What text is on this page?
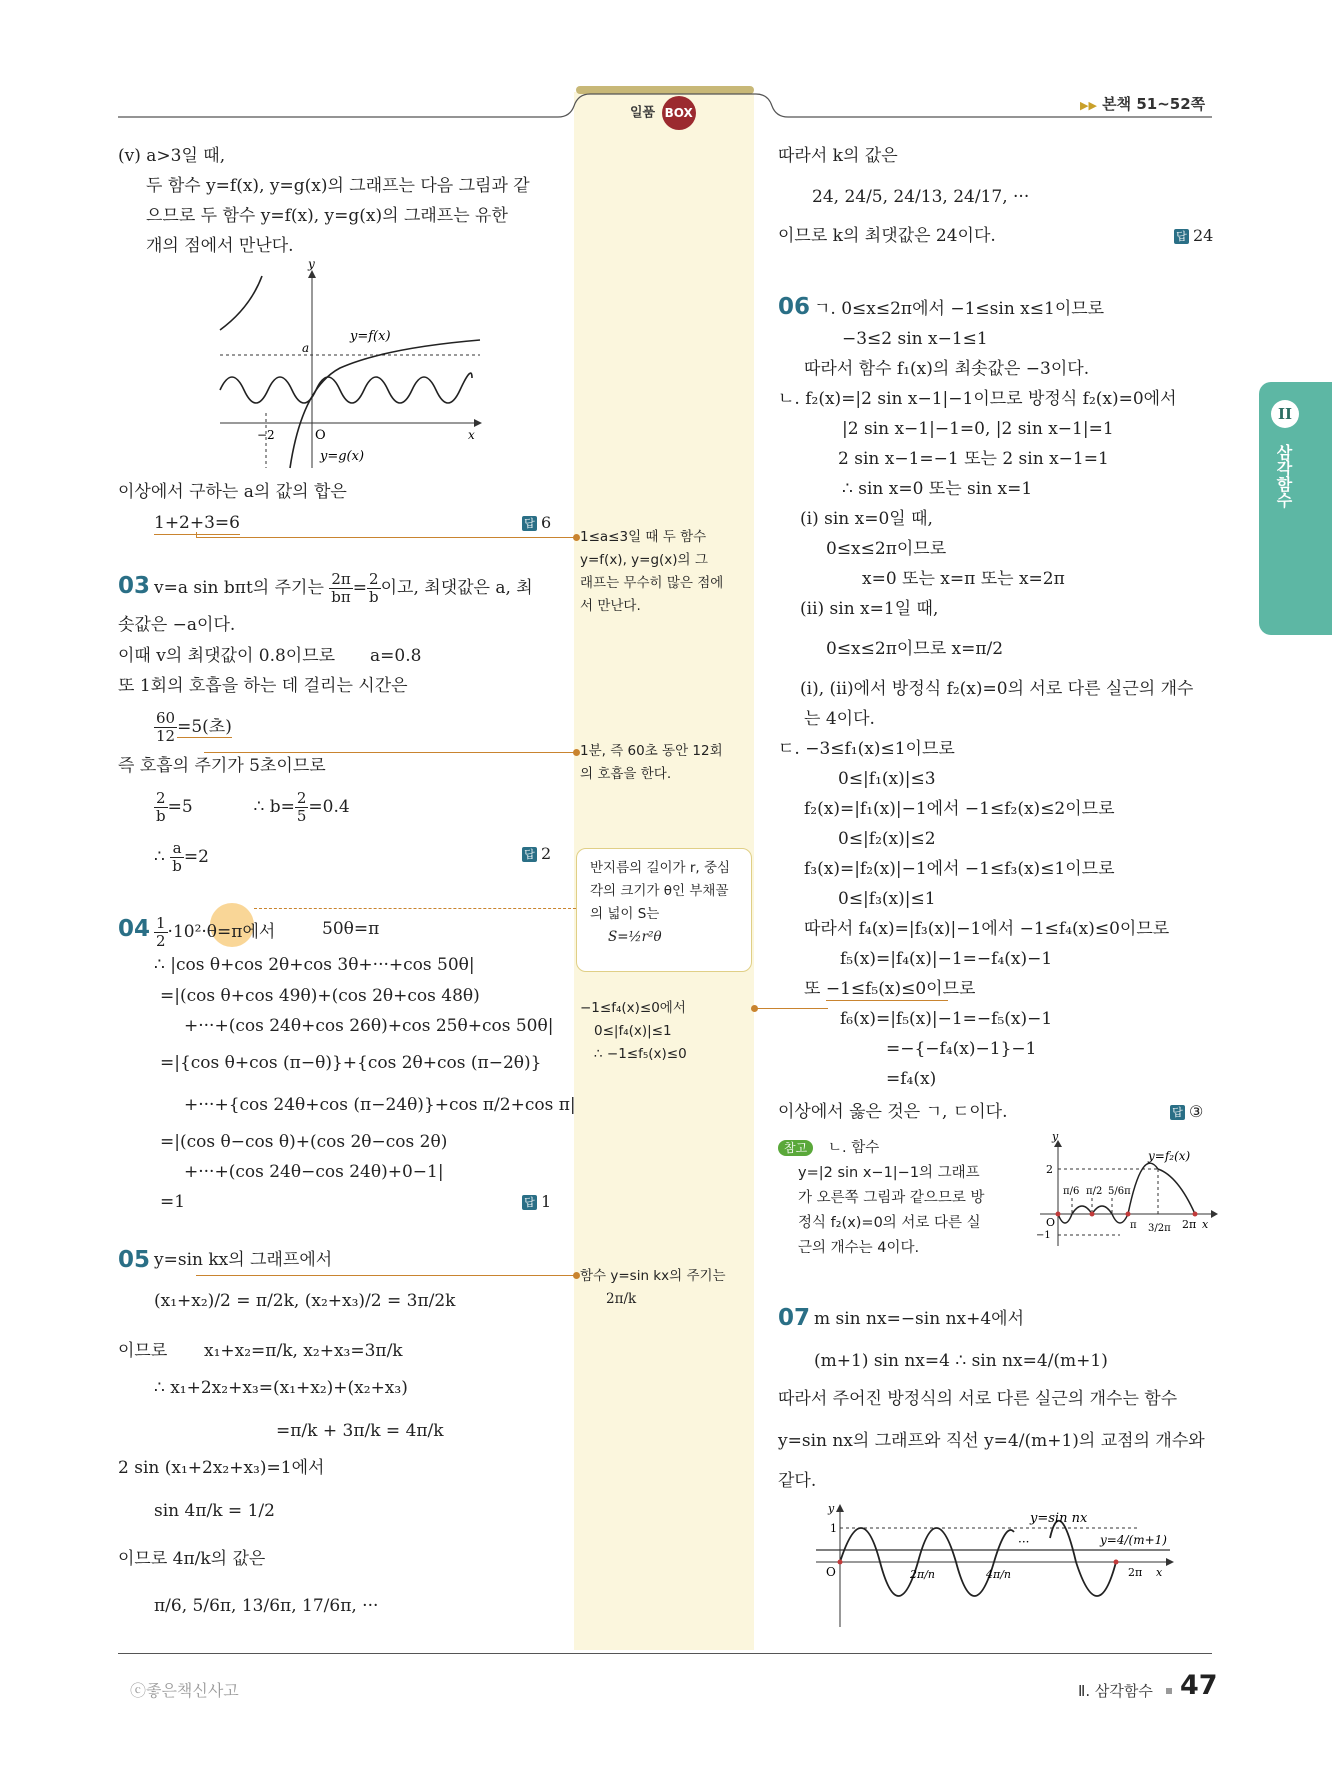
일품 BOX
▶▶ 본책 51~52쪽
II
삼각함수
(v) a>3일 때,
두 함수 y=f(x), y=g(x)의 그래프는 다음 그림과 같
으므로 두 함수 y=f(x), y=g(x)의 그래프는 유한
개의 점에서 만난다.
y
a
O
−2	x
y=f(x)
y=g(x)
이상에서 구하는 a의 값의 합은
1+2+3=6	답 6
03 v=a sin bπt의 주기는 $\frac{2\pi}{b\pi} = \frac{2}{b}$ 이고, 최댓값은 a, 최
솟값은 −a이다.
이때 v의 최댓값이 0.8이므로 a=0.8
또 1회의 호흡을 하는 데 걸리는 시간은
$\frac{60}{12} =5$(초)
즉 호흡의 주기가 5초이므로
$\frac{2}{b} =5$	∴ $b= \frac{2}{5} =0.4$
∴ $\frac{a}{b} =2$	답 2
$04 \frac{1}{2} \cdot 10^2\cdot\theta=\pi$에서	50θ=π
∴ |cos θ+cos 2θ+cos 3θ+···+cos 50θ|
=|(cos θ+cos 49θ)+(cos 2θ+cos 48θ)
+···+(cos 24θ+cos 26θ)+cos 25θ+cos 50θ|
=|{cos θ+cos (π−θ)}+{cos 2θ+cos (π−2θ)}
+···+{cos 24θ+cos (π−24θ)}+cos π/2+cos π|
=|(cos θ−cos θ)+(cos 2θ−cos 2θ)
+···+(cos 24θ−cos 24θ)+0−1|
=1	답 1
05 y=sin kx의 그래프에서
(x₁+x₂)/2 = π/2k, (x₂+x₃)/2 = 3π/2k
이므로 x₁+x₂=π/k, x₂+x₃=3π/k
∴ x₁+2x₂+x₃=(x₁+x₂)+(x₂+x₃)
=π/k + 3π/k = 4π/k
2 sin (x₁+2x₂+x₃)=1에서
sin 4π/k = 1/2
이므로 4π/k의 값은
π/6, 5/6π, 13/6π, 17/6π, ···
1≤a≤3일 때 두 함수
y=f(x), y=g(x)의 그
래프는 무수히 많은 점에
서 만난다.
1분, 즉 60초 동안 12회
의 호흡을 한다.
반지름의 길이가 r, 중심
각의 크기가 θ인 부채꼴
의 넓이 S는
S=½r²θ
−1≤f₄(x)≤0에서
0≤|f₄(x)|≤1
∴ −1≤f₅(x)≤0
함수 y=sin kx의 주기는
2π/k
따라서 k의 값은
24, 24/5, 24/13, 24/17, ···
이므로 k의 최댓값은 24이다.	답 24
06 ㄱ. 0≤x≤2π에서 −1≤sin x≤1이므로
−3≤2 sin x−1≤1
따라서 함수 f₁(x)의 최솟값은 −3이다.
ㄴ. f₂(x)=|2 sin x−1|−1이므로 방정식 f₂(x)=0에서
|2 sin x−1|−1=0, |2 sin x−1|=1
2 sin x−1=−1 또는 2 sin x−1=1
∴ sin x=0 또는 sin x=1
(i) sin x=0일 때,
0≤x≤2π이므로
x=0 또는 x=π 또는 x=2π
(ii) sin x=1일 때,
0≤x≤2π이므로 x=π/2
(i), (ii)에서 방정식 f₂(x)=0의 서로 다른 실근의 개수
는 4이다.
ㄷ. −3≤f₁(x)≤1이므로
0≤|f₁(x)|≤3
f₂(x)=|f₁(x)|−1에서 −1≤f₂(x)≤2이므로
0≤|f₂(x)|≤2
f₃(x)=|f₂(x)|−1에서 −1≤f₃(x)≤1이므로
0≤|f₃(x)|≤1
따라서 f₄(x)=|f₃(x)|−1에서 −1≤f₄(x)≤0이므로
f₅(x)=|f₄(x)|−1=−f₄(x)−1
또 −1≤f₅(x)≤0이므로
f₆(x)=|f₅(x)|−1=−f₅(x)−1
=−{−f₄(x)−1}−1
=f₄(x)
이상에서 옳은 것은 ㄱ, ㄷ이다.	답 ③
참고	ㄴ. 함수
y=|2 sin x−1|−1의 그래프
가 오른쪽 그림과 같으므로 방
정식 f₂(x)=0의 서로 다른 실
근의 개수는 4이다.
y
y=f₂(x)
2
O
−1
π/6 π/2 5/6π
π 3/2π 2π x
07 m sin nx=−sin nx+4에서
(m+1) sin nx=4 ∴ sin nx=4/(m+1)
따라서 주어진 방정식의 서로 다른 실근의 개수는 함수
y=sin nx의 그래프와 직선 y=4/(m+1)의 교점의 개수와
같다.
y
1
O
y=sin nx
y=4/(m+1)
···
2π/n	4π/n	2π x
ⓒ좋은책신사고	Ⅱ. 삼각함수 47
